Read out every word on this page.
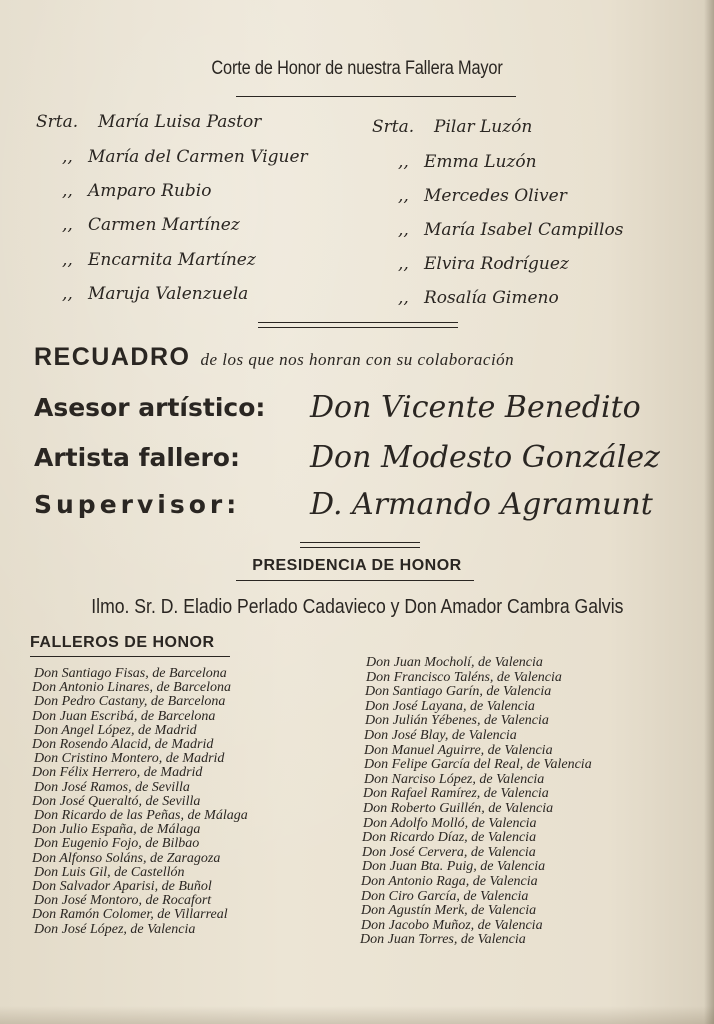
Corte de Honor de nuestra Fallera Mayor
Srta. María Luisa Pastor
,, María del Carmen Viguer
,, Amparo Rubio
,, Carmen Martínez
,, Encarnita Martínez
,, Maruja Valenzuela
Srta. Pilar Luzón
,, Emma Luzón
,, Mercedes Oliver
,, María Isabel Campillos
,, Elvira Rodríguez
,, Rosalía Gimeno
RECUADRO de los que nos honran con su colaboración
Asesor artístico: Don Vicente Benedito
Artista fallero: Don Modesto González
Supervisor: D. Armando Agramunt
PRESIDENCIA DE HONOR
Ilmo. Sr. D. Eladio Perlado Cadavieco y Don Amador Cambra Galvis
FALLEROS DE HONOR
Don Santiago Fisas, de Barcelona
Don Antonio Linares, de Barcelona
Don Pedro Castany, de Barcelona
Don Juan Escribá, de Barcelona
Don Angel López, de Madrid
Don Rosendo Alacid, de Madrid
Don Cristino Montero, de Madrid
Don Félix Herrero, de Madrid
Don José Ramos, de Sevilla
Don José Queraltó, de Sevilla
Don Ricardo de las Peñas, de Málaga
Don Julio España, de Málaga
Don Eugenio Fojo, de Bilbao
Don Alfonso Soláns, de Zaragoza
Don Luis Gil, de Castellón
Don Salvador Aparisi, de Buñol
Don José Montoro, de Rocafort
Don Ramón Colomer, de Villarreal
Don José López, de Valencia
Don Juan Mocholí, de Valencia
Don Francisco Taléns, de Valencia
Don Santiago Garín, de Valencia
Don José Layana, de Valencia
Don Julián Yébenes, de Valencia
Don José Blay, de Valencia
Don Manuel Aguirre, de Valencia
Don Felipe García del Real, de Valencia
Don Narciso López, de Valencia
Don Rafael Ramírez, de Valencia
Don Roberto Guillén, de Valencia
Don Adolfo Molló, de Valencia
Don Ricardo Díaz, de Valencia
Don José Cervera, de Valencia
Don Juan Bta. Puig, de Valencia
Don Antonio Raga, de Valencia
Don Ciro García, de Valencia
Don Agustín Merk, de Valencia
Don Jacobo Muñoz, de Valencia
Don Juan Torres, de Valencia
